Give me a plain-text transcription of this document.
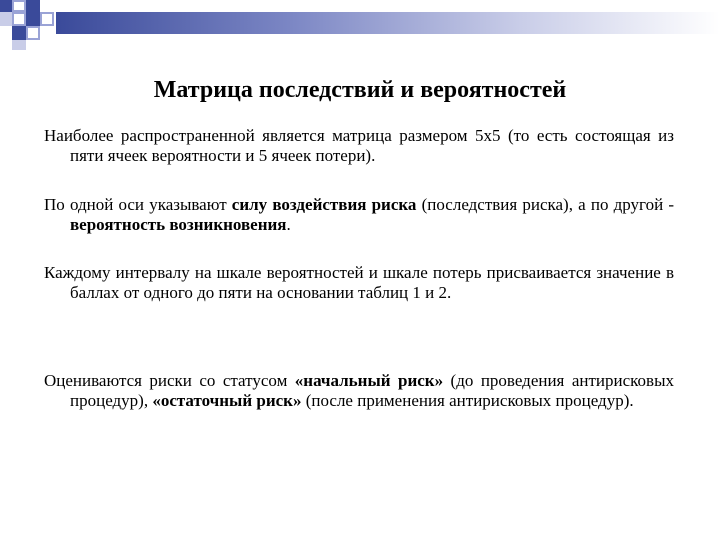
Матрица последствий и вероятностей
Наиболее распространенной является матрица размером 5х5 (то есть состоящая из пяти ячеек вероятности и 5 ячеек потери).
По одной оси указывают силу воздействия риска (последствия риска), а по другой - вероятность возникновения.
Каждому интервалу на шкале вероятностей и шкале потерь присваивается значение в баллах от одного до пяти на основании таблиц 1 и 2.
Оцениваются риски со статусом «начальный риск» (до проведения антирисковых процедур), «остаточный риск» (после применения антирисковых процедур).
